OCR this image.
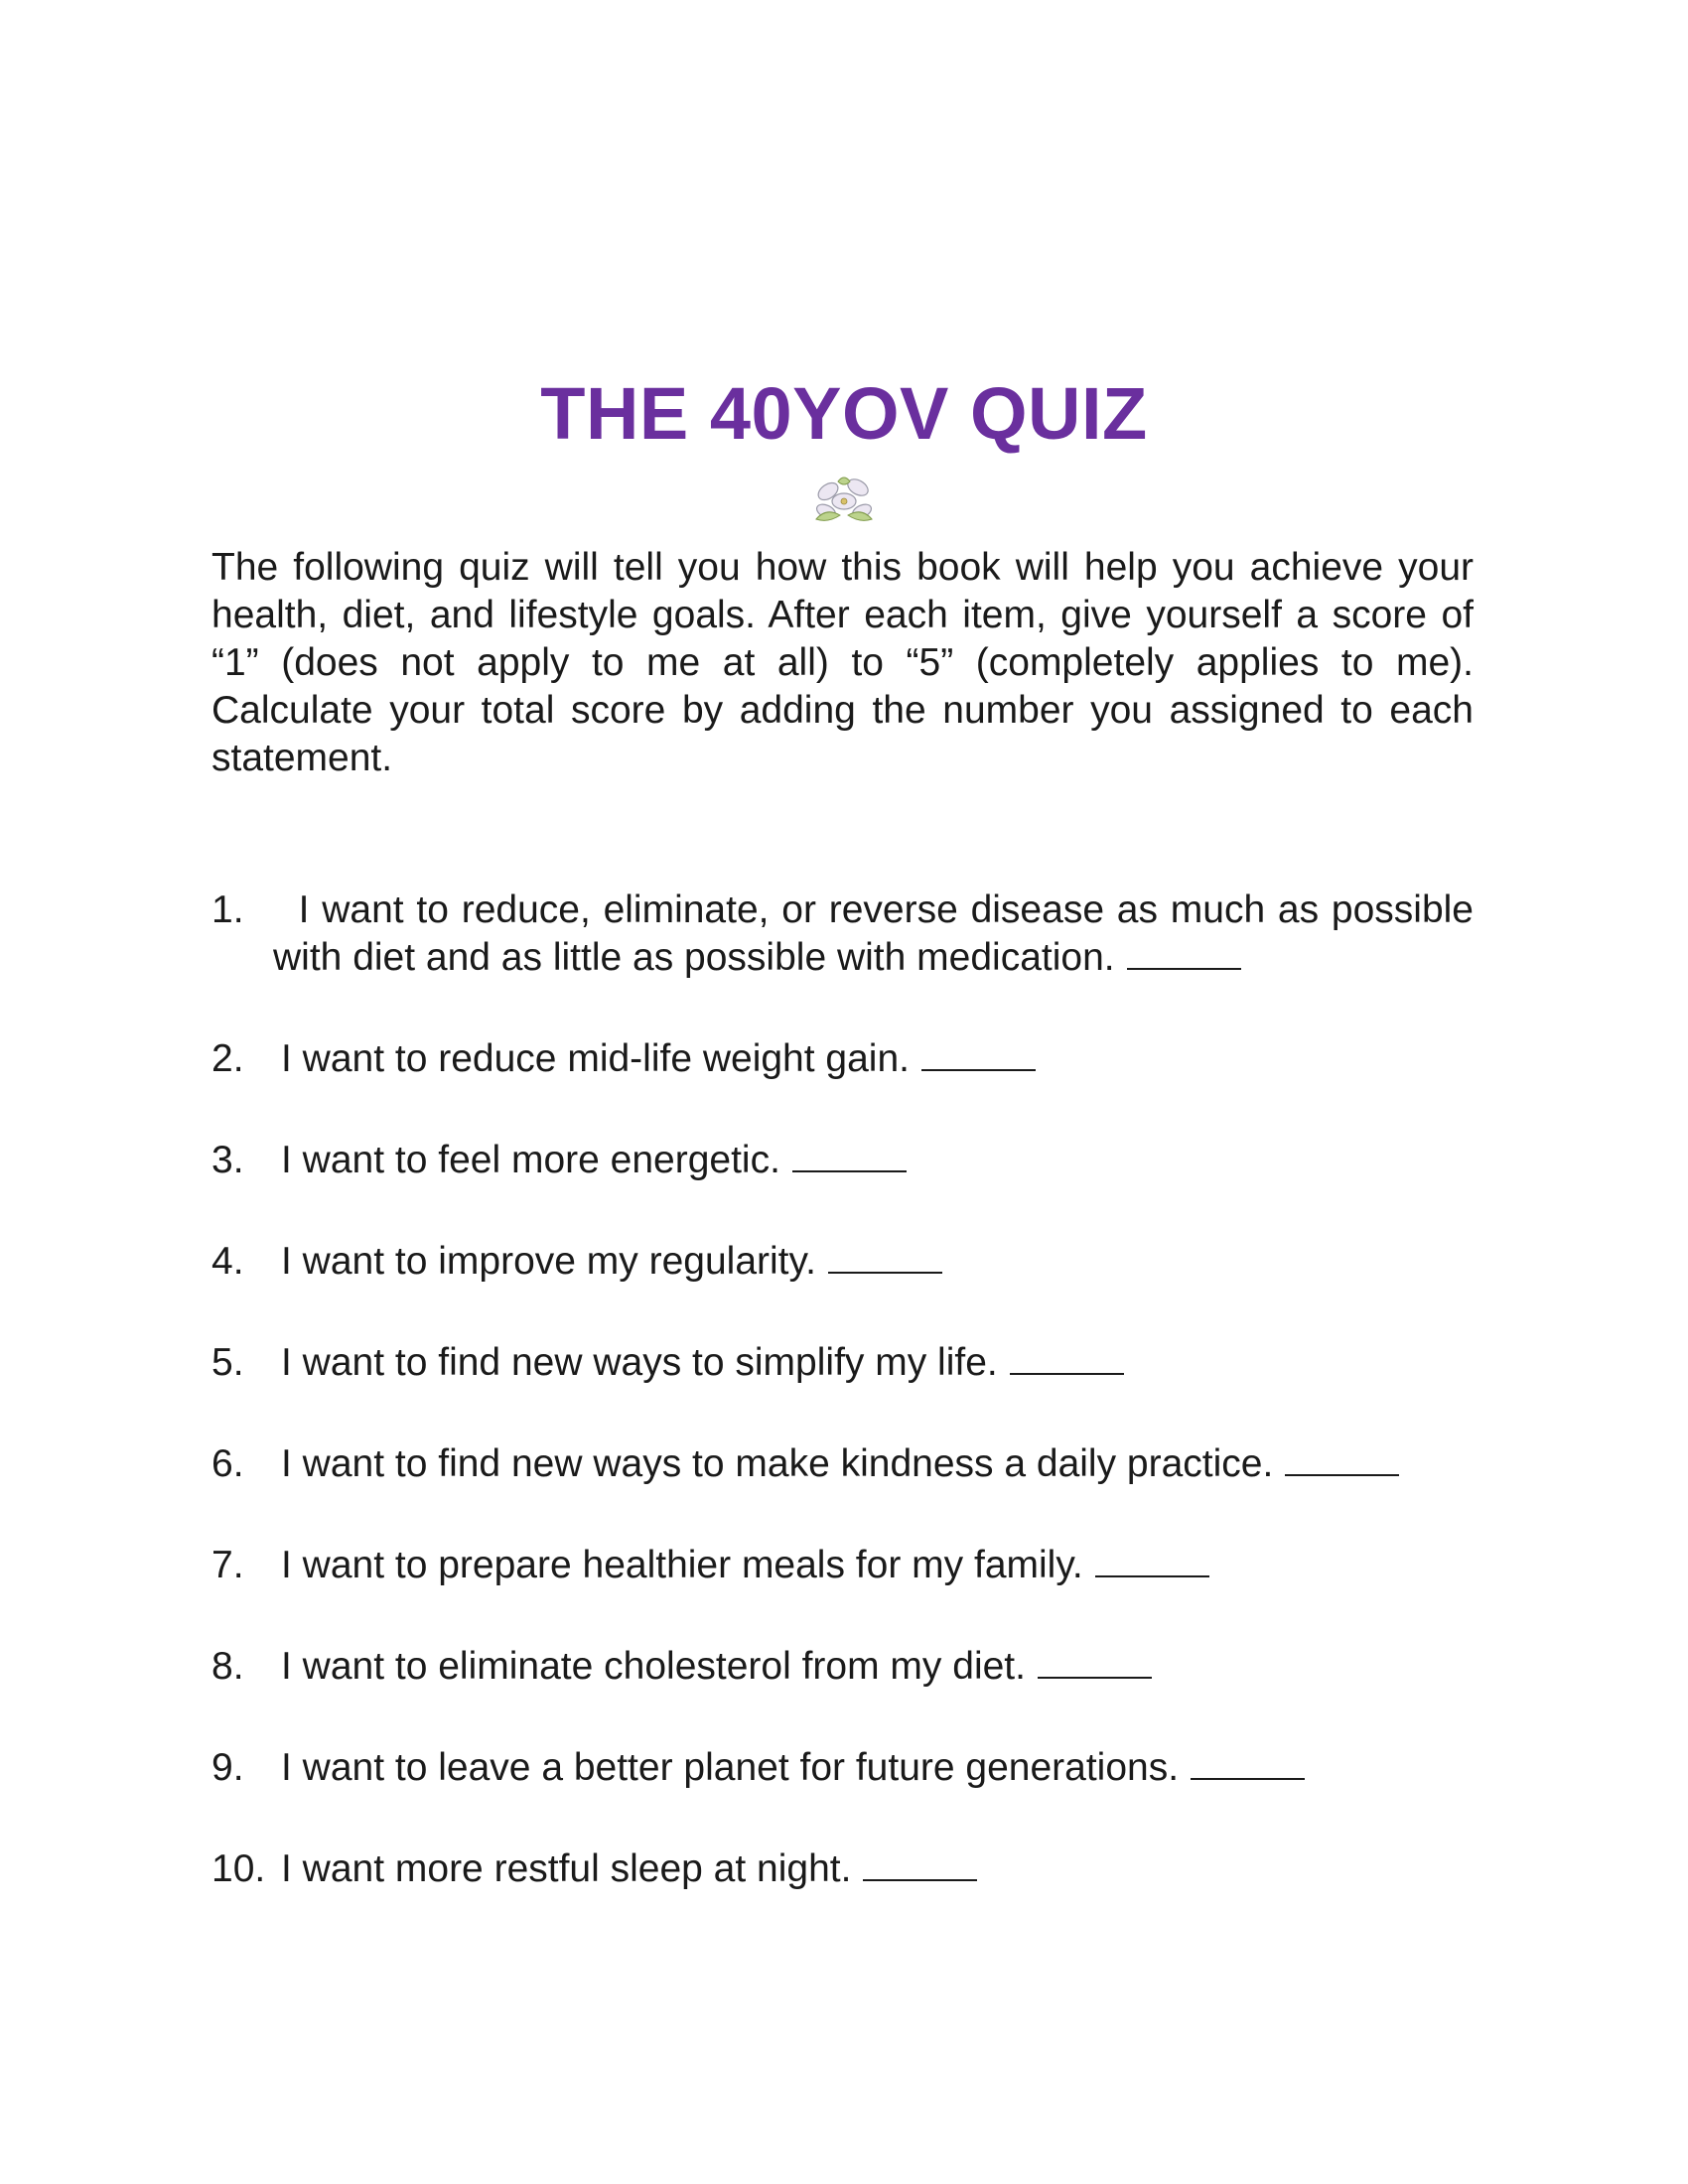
THE 40YOV QUIZ

The following quiz will tell you how this book will help you achieve your health, diet, and lifestyle goals. After each item, give yourself a score of “1” (does not apply to me at all) to “5” (completely applies to me). Calculate your total score by adding the number you assigned to each statement.

1. I want to reduce, eliminate, or reverse disease as much as possible with diet and as little as possible with medication.
2. I want to reduce mid-life weight gain.
3. I want to feel more energetic.
4. I want to improve my regularity.
5. I want to find new ways to simplify my life.
6. I want to find new ways to make kindness a daily practice.
7. I want to prepare healthier meals for my family.
8. I want to eliminate cholesterol from my diet.
9. I want to leave a better planet for future generations.
10. I want more restful sleep at night.
